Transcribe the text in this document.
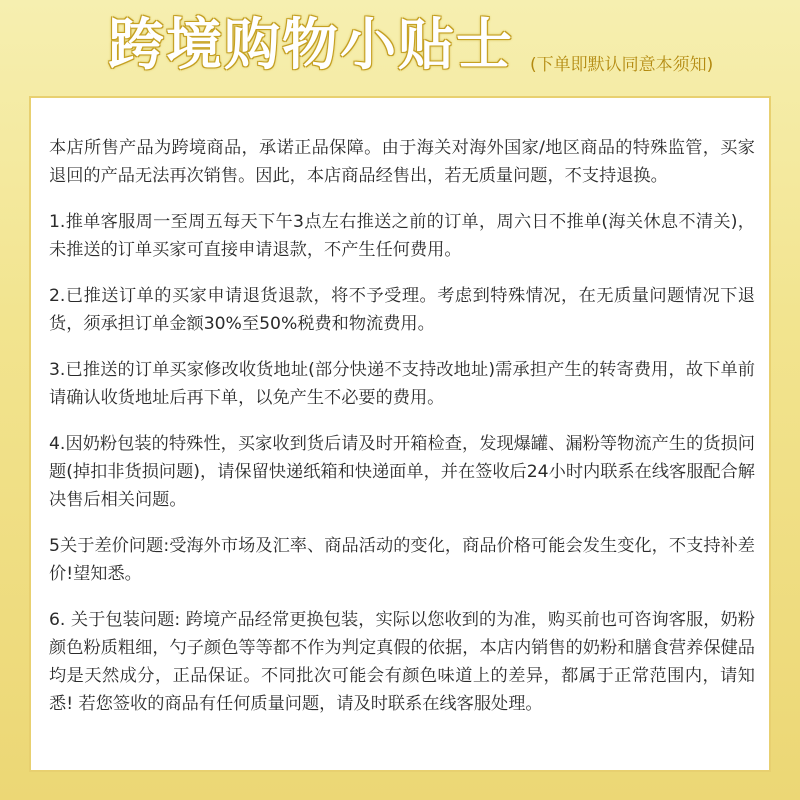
跨境购物小贴士 (下单即默认同意本须知)

本店所售产品为跨境商品，承诺正品保障。由于海关对海外国家/地区商品的特殊监管，买家退回的产品无法再次销售。因此，本店商品经售出，若无质量问题，不支持退换。

1.推单客服周一至周五每天下午3点左右推送之前的订单，周六日不推单(海关休息不清关)，未推送的订单买家可直接申请退款，不产生任何费用。

2.已推送订单的买家申请退货退款，将不予受理。考虑到特殊情况，在无质量问题情况下退货，须承担订单金额30%至50%税费和物流费用。

3.已推送的订单买家修改收货地址(部分快递不支持改地址)需承担产生的转寄费用，故下单前请确认收货地址后再下单，以免产生不必要的费用。

4.因奶粉包装的特殊性，买家收到货后请及时开箱检查，发现爆罐、漏粉等物流产生的货损问题(掉扣非货损问题)，请保留快递纸箱和快递面单，并在签收后24小时内联系在线客服配合解决售后相关问题。

5关于差价问题:受海外市场及汇率、商品活动的变化，商品价格可能会发生变化，不支持补差价!望知悉。

6. 关于包装问题: 跨境产品经常更换包装，实际以您收到的为准，购买前也可咨询客服，奶粉颜色粉质粗细，勺子颜色等等都不作为判定真假的依据，本店内销售的奶粉和膳食营养保健品均是天然成分，正品保证。不同批次可能会有颜色味道上的差异，都属于正常范围内，请知悉! 若您签收的商品有任何质量问题，请及时联系在线客服处理。
